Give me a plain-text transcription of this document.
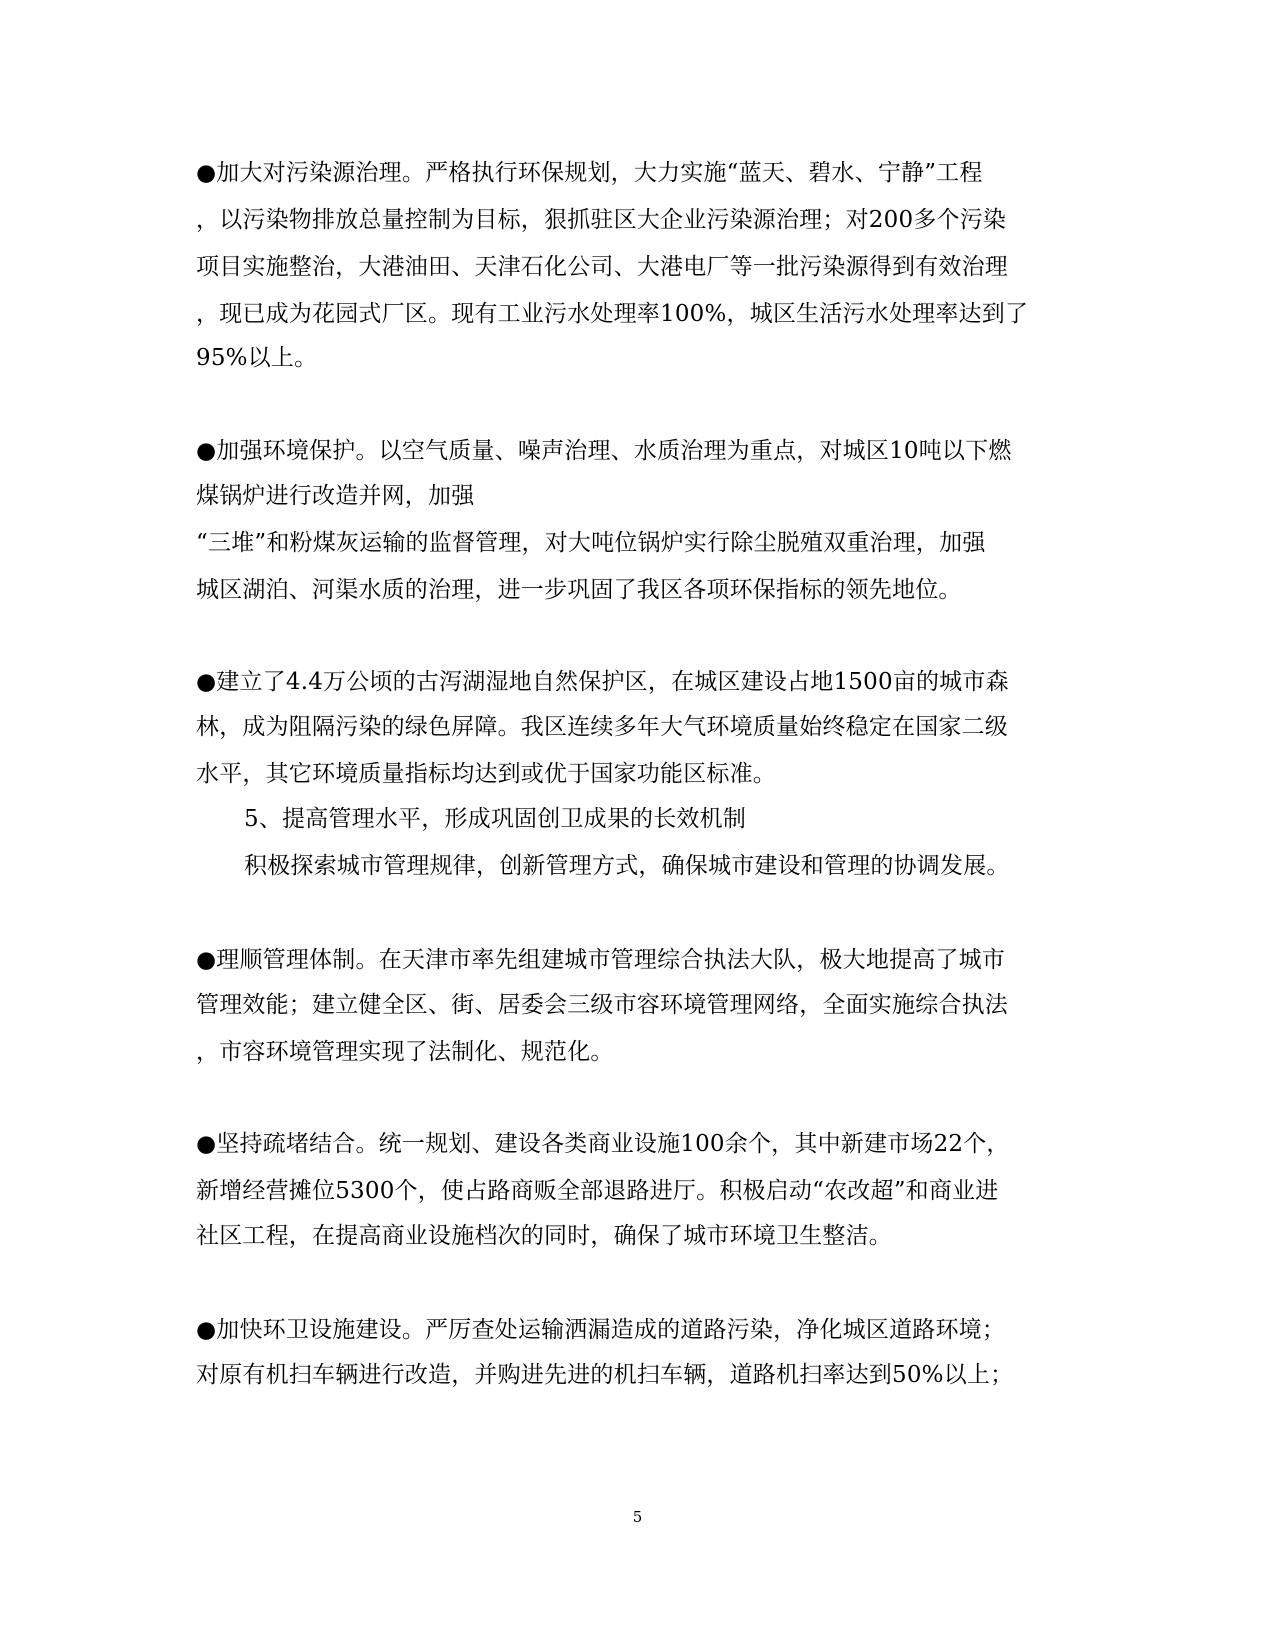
●加大对污染源治理。严格执行环保规划，大力实施“蓝天、碧水、宁静”工程
，以污染物排放总量控制为目标，狠抓驻区大企业污染源治理；对200多个污染
项目实施整治，大港油田、天津石化公司、大港电厂等一批污染源得到有效治理
，现已成为花园式厂区。现有工业污水处理率100%，城区生活污水处理率达到了
95%以上。
●加强环境保护。以空气质量、噪声治理、水质治理为重点，对城区10吨以下燃
煤锅炉进行改造并网，加强
“三堆”和粉煤灰运输的监督管理，对大吨位锅炉实行除尘脱殖双重治理，加强
城区湖泊、河渠水质的治理，进一步巩固了我区各项环保指标的领先地位。
●建立了4.4万公顷的古泻湖湿地自然保护区，在城区建设占地1500亩的城市森
林，成为阻隔污染的绿色屏障。我区连续多年大气环境质量始终稳定在国家二级
水平，其它环境质量指标均达到或优于国家功能区标准。
5、提高管理水平，形成巩固创卫成果的长效机制
积极探索城市管理规律，创新管理方式，确保城市建设和管理的协调发展。
●理顺管理体制。在天津市率先组建城市管理综合执法大队，极大地提高了城市
管理效能；建立健全区、街、居委会三级市容环境管理网络，全面实施综合执法
，市容环境管理实现了法制化、规范化。
●坚持疏堵结合。统一规划、建设各类商业设施100余个，其中新建市场22个，
新增经营摊位5300个，使占路商贩全部退路进厅。积极启动“农改超”和商业进
社区工程，在提高商业设施档次的同时，确保了城市环境卫生整洁。
●加快环卫设施建设。严厉查处运输洒漏造成的道路污染，净化城区道路环境；
对原有机扫车辆进行改造，并购进先进的机扫车辆，道路机扫率达到50%以上；
5
